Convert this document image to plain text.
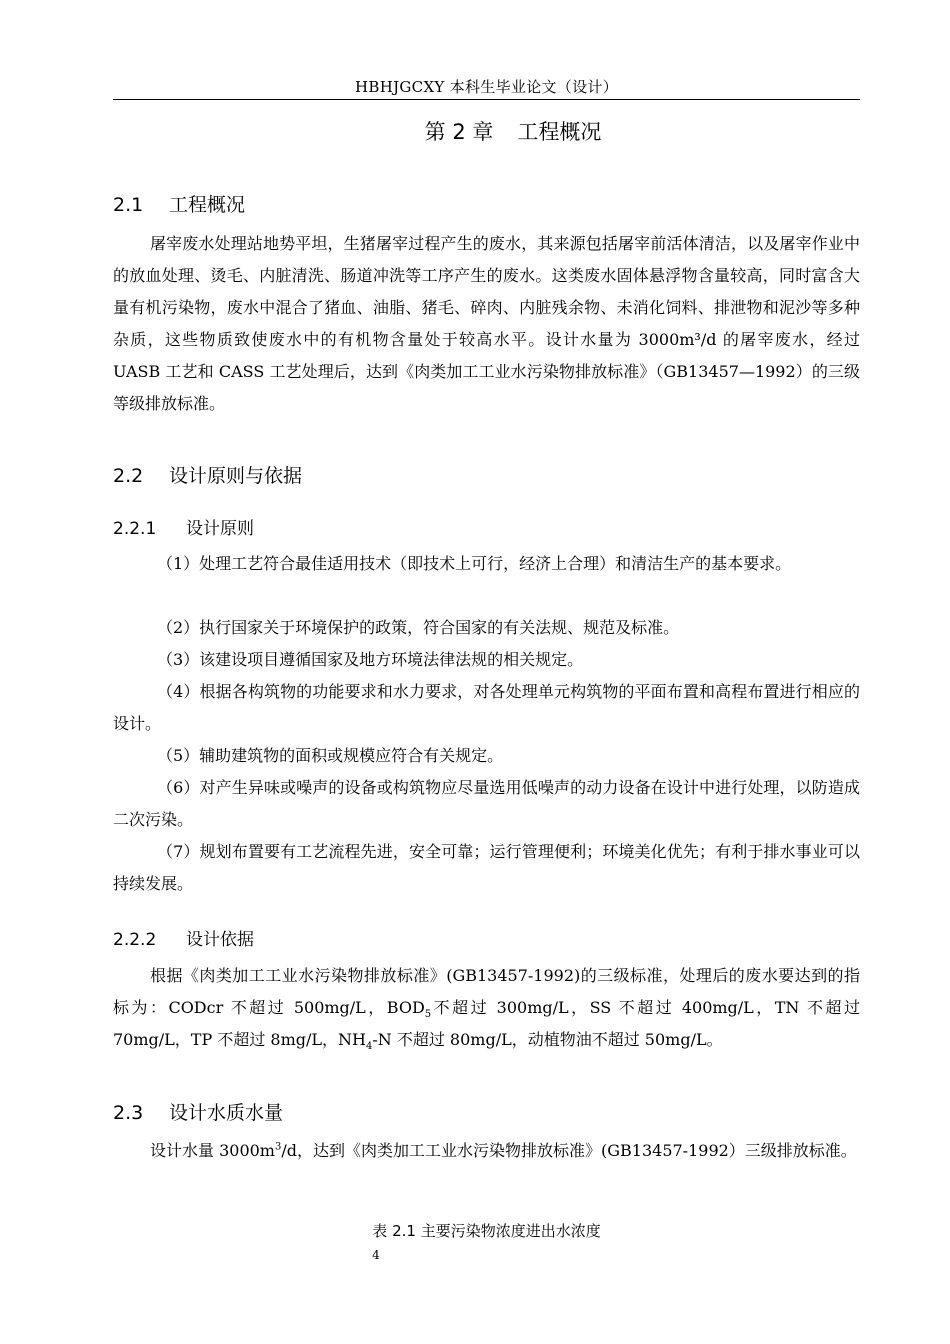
HBHJGCXY 本科生毕业论文（设计）
第 2 章 工程概况
2.1 工程概况

屠宰废水处理站地势平坦，生猪屠宰过程产生的废水，其来源包括屠宰前活体清洁，以及屠宰作业中的放血处理、烫毛、内脏清洗、肠道冲洗等工序产生的废水。这类废水固体悬浮物含量较高，同时富含大量有机污染物，废水中混合了猪血、油脂、猪毛、碎肉、内脏残余物、未消化饲料、排泄物和泥沙等多种杂质，这些物质致使废水中的有机物含量处于较高水平。设计水量为 3000m³/d 的屠宰废水，经过 UASB 工艺和 CASS 工艺处理后，达到《肉类加工工业水污染物排放标准》（GB13457—1992）的三级等级排放标准。

2.2 设计原则与依据
2.2.1 设计原则

（1）处理工艺符合最佳适用技术（即技术上可行，经济上合理）和清洁生产的基本要求。

（2）执行国家关于环境保护的政策，符合国家的有关法规、规范及标准。

（3）该建设项目遵循国家及地方环境法律法规的相关规定。

（4）根据各构筑物的功能要求和水力要求，对各处理单元构筑物的平面布置和高程布置进行相应的设计。

（5）辅助建筑物的面积或规模应符合有关规定。

（6）对产生异味或噪声的设备或构筑物应尽量选用低噪声的动力设备在设计中进行处理，以防造成二次污染。

（7）规划布置要有工艺流程先进，安全可靠；运行管理便利；环境美化优先；有利于排水事业可以持续发展。

2.2.2 设计依据

根据《肉类加工工业水污染物排放标准》(GB13457-1992)的三级标准，处理后的废水要达到的指标为：CODcr 不超过 500mg/L，$BOD_5$不超过 300mg/L，SS 不超过 400mg/L，TN 不超过 70mg/L，TP 不超过 8mg/L，$NH_4-N$ 不超过 80mg/L，动植物油不超过 50mg/L。

2.3 设计水质水量

设计水量 $3000m^3/d$，达到《肉类加工工业水污染物排放标准》(GB13457-1992）三级排放标准。

表 2.1 主要污染物浓度进出水浓度
4
